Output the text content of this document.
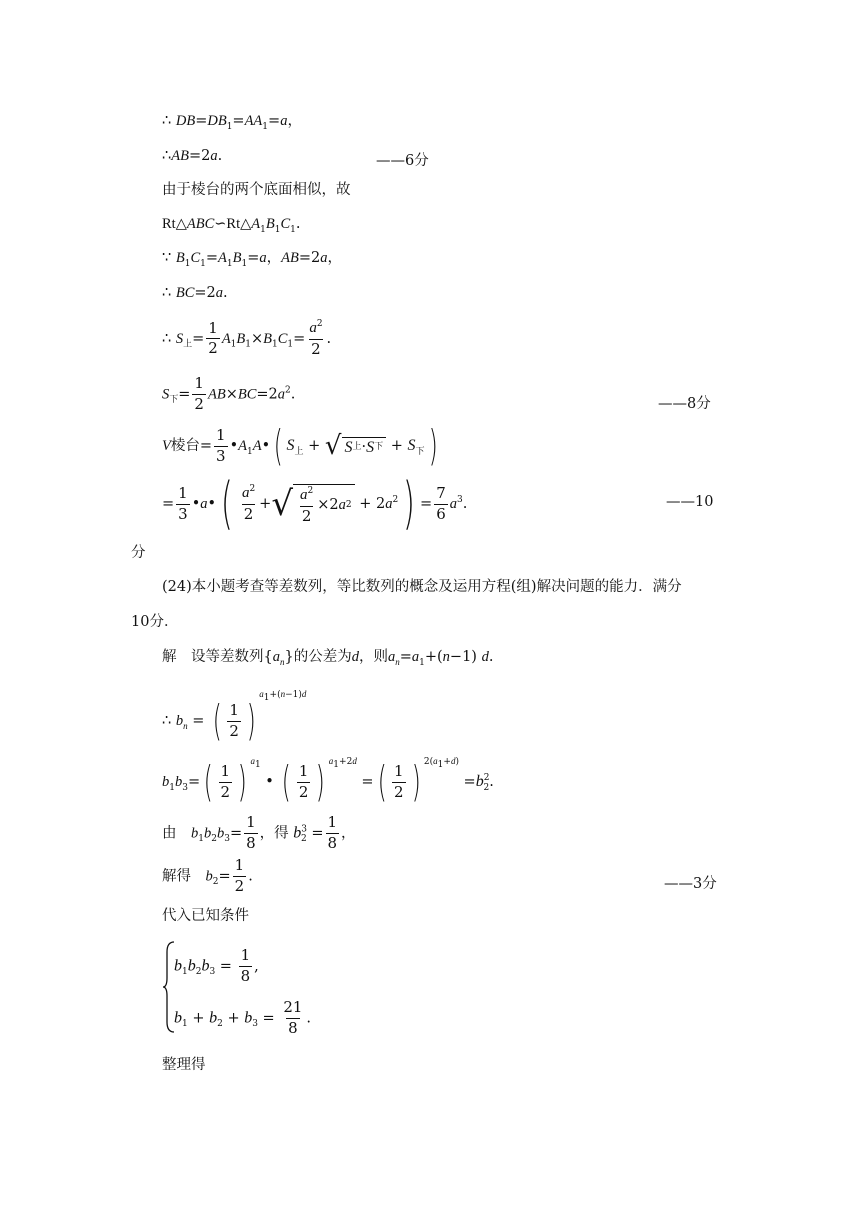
∴ $DB=DB_1=AA_1=a$，
∴AB=2a.	——6分
由于棱台的两个底面相似，故
$Rt\triangle ABC∽Rt\triangle A_1B_1C_1$.
∵ $B_1C_1=A_1B_1=a$，AB=2a，
∴ BC=2a.
∴ $S_上= \frac{1}{2} A_1B_1\times B_1C_1= \frac{a^2}{2}$ .
$S_下= \frac{1}{2} AB\times BC=2a^2$.
——8分
V棱台= $\frac{1}{3}$ $•A_1A•$( $S_上$ + √ S 上 · S 下 + $S_下$)
= $\frac{1}{3}$ •a•( $\frac{a^2}{2}$ + √ $\frac{a^2}{2} \times 2$ a $2 + 2a^2) = \frac{7}{6} a^3$.	——10
分
(24)本小题考查等差数列，等比数列的概念及运用方程(组)解决问题的能力．满分
10分．
解　设等差数列$\{a_n\}$的公差为d，则$a_n=a_1+(n-1)$ d.
∴ $b_n$ = ( $\frac{1}{2} )^{a_1+(n-1)d}$
$b_1b_3=( \frac{1}{2}$ ) $^{a_1}$ • ( $\frac{1}{2}$ ) $^{a_1+2d}$ =( $\frac{1}{2}$ ) $^{2(a_1+d)} =b^2_2$.
由　 $b_1b_2b_3= \frac{1}{8}$ ，得 $b^3_2 = \frac{1}{8}$ ，
解得　 $b_2= \frac{1}{2}$ .	——3分
代入已知条件
$b_1b_2b_3 = \frac{1}{8}$ ,
$b_1 + b_2 + b_3 = \frac{21}{8}$ .
整理得
